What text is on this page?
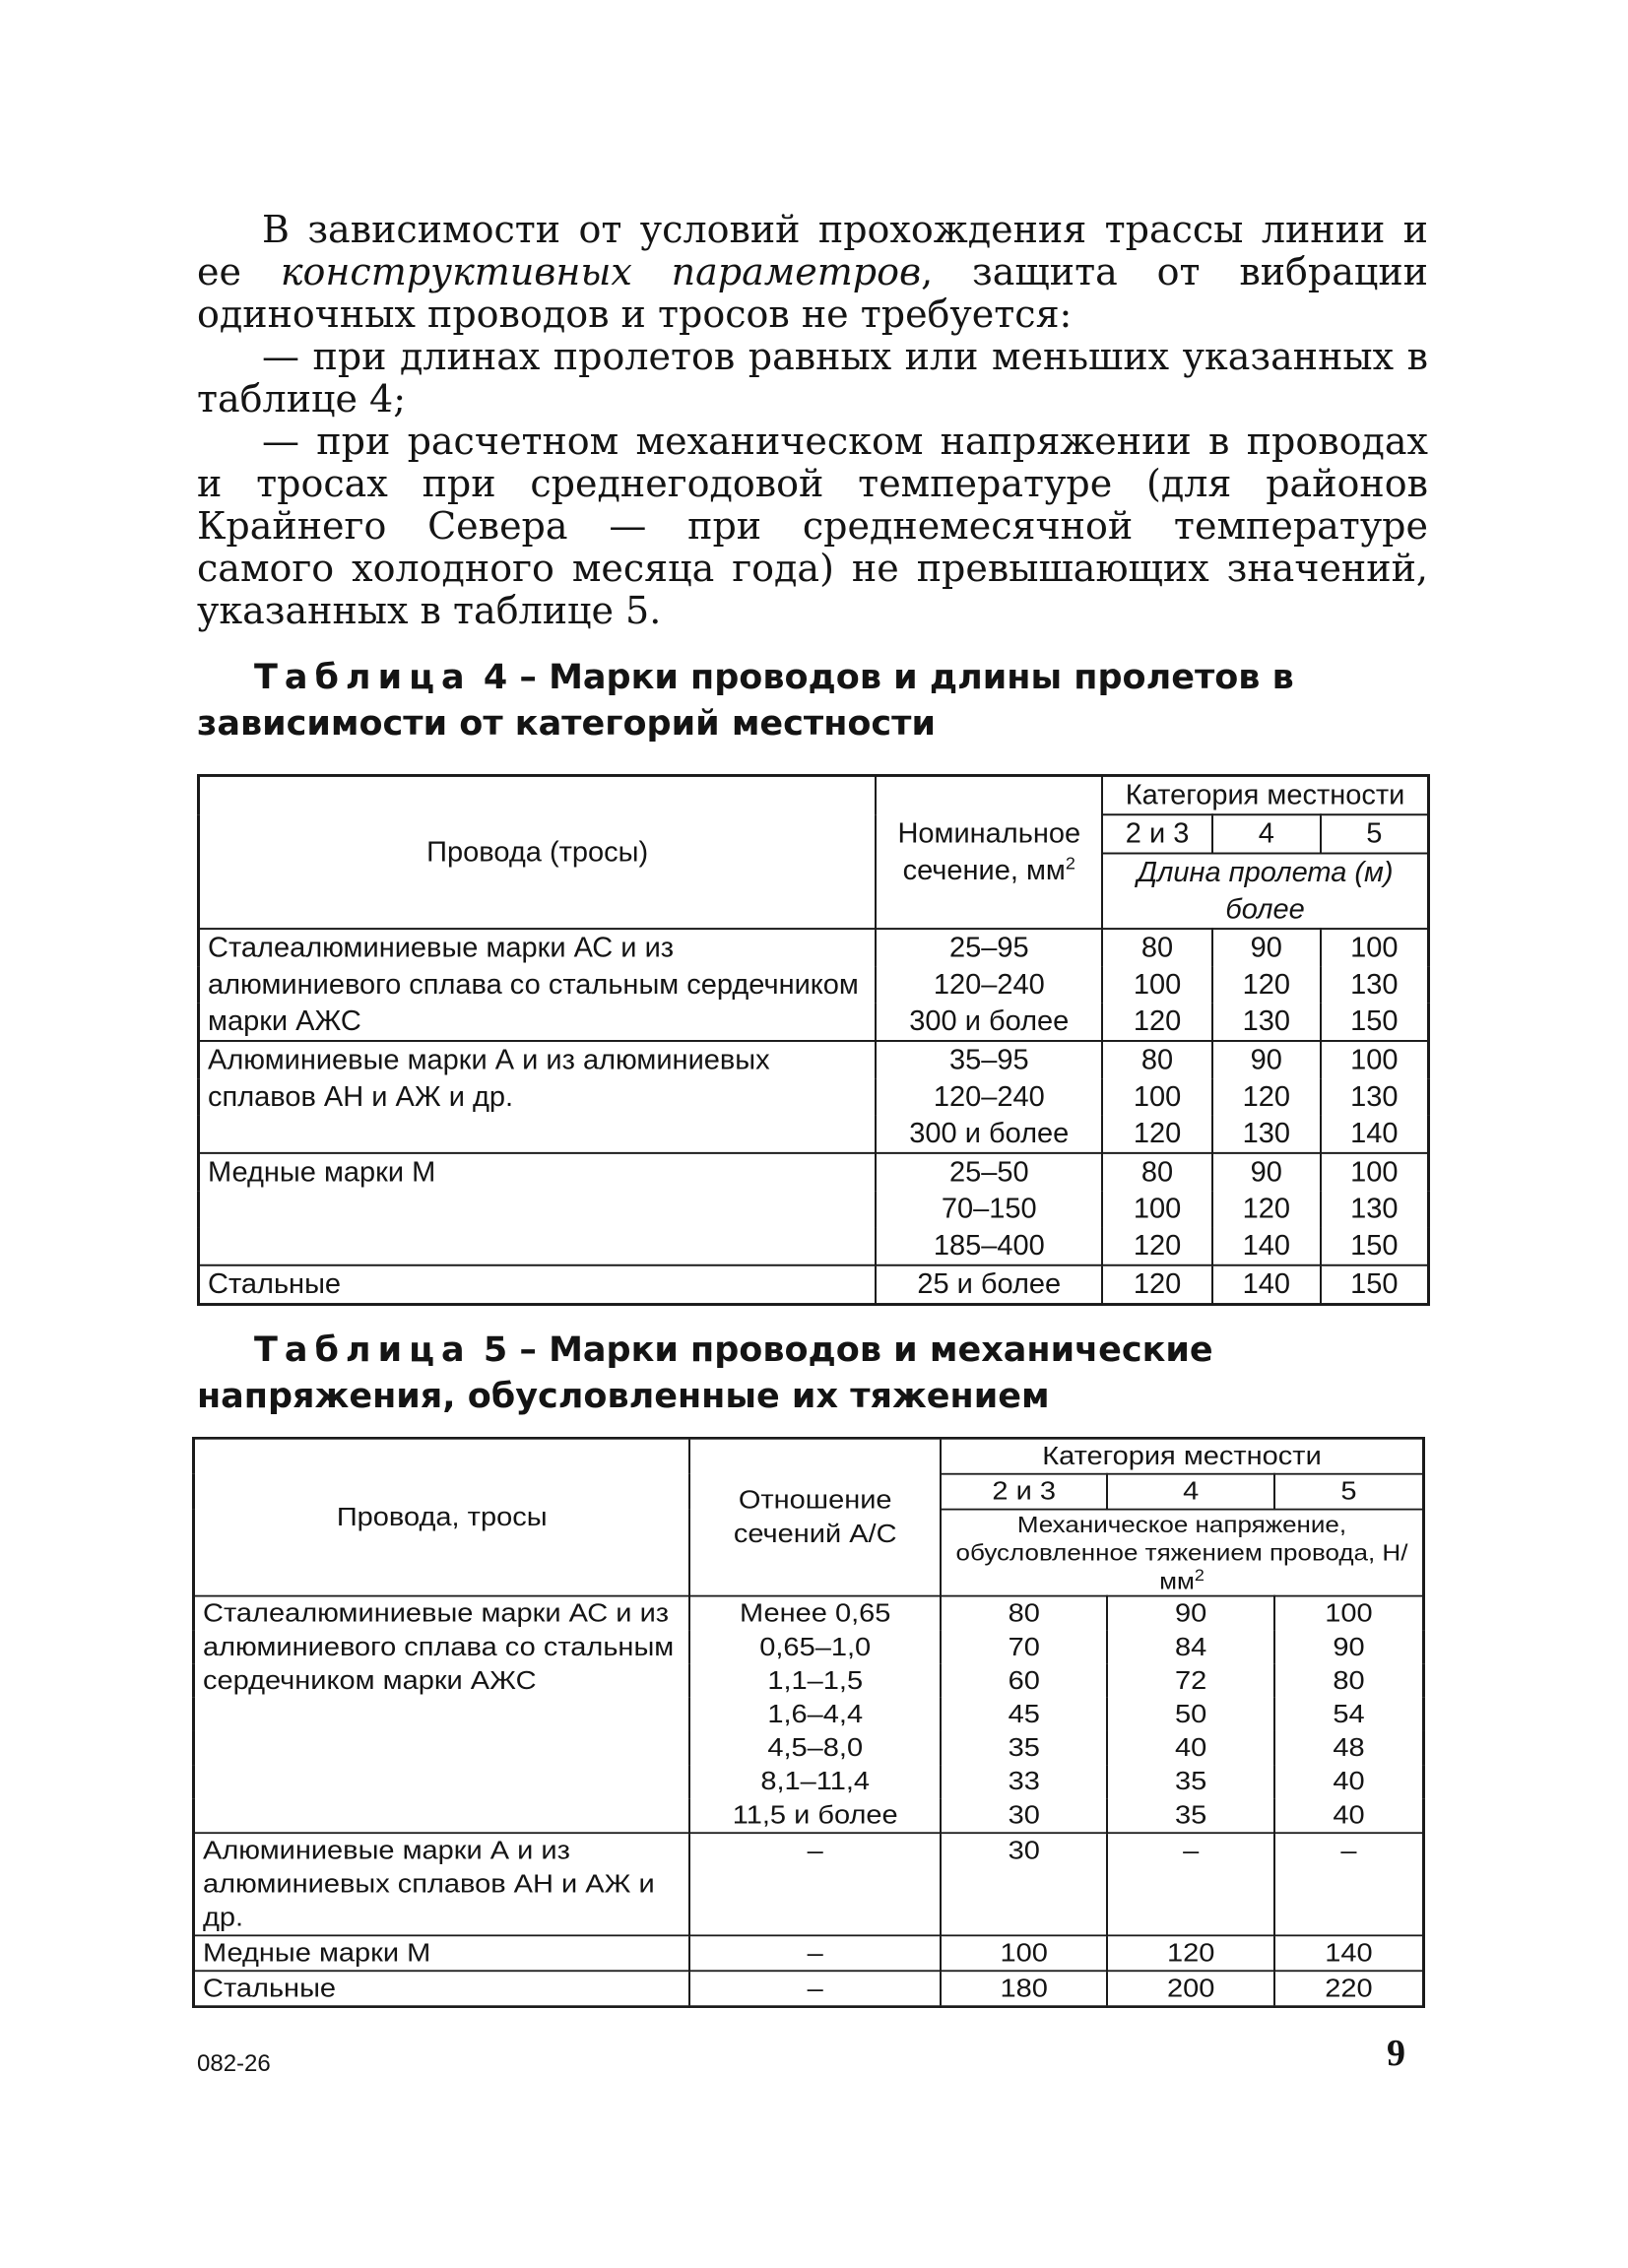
В зависимости от условий прохождения трассы линии и ее конструктивных параметров, защита от вибрации одиночных проводов и тросов не требуется:

— при длинах пролетов равных или меньших указанных в таблице 4;

— при расчетном механическом напряжении в проводах и тросах при среднегодовой температуре (для районов Крайнего Севера — при среднемесячной температуре самого холодного месяца года) не превышающих значений, указанных в таблице 5.

Таблица 4 – Марки проводов и длины пролетов в зависимости от категорий местности

Провода (тросы)	Номинальное сечение, $мм^2$	Категория местности		
		2 и 3	4	5
		Длина пролета (м) более		
Сталеалюминиевые марки АС и из алюминиевого сплава со стальным сердечником марки АЖС	25–95	80	90	100
	120–240	100	120	130
	300 и более	120	130	150
Алюминиевые марки А и из алюминиевых сплавов АН и АЖ и др.	35–95	80	90	100
	120–240	100	120	130
	300 и более	120	130	140
Медные марки М	25–50	80	90	100
	70–150	100	120	130
	185–400	120	140	150
Стальные	25 и более	120	140	150

Таблица 5 – Марки проводов и механические напряжения, обусловленные их тяжением

Провода, тросы	Отношение сечений А/С	Категория местности		
		2 и 3	4	5
		Механическое напряжение, обусловленное тяжением провода, $Н/мм^2$
Сталеалюминиевые марки АС и из алюминиевого сплава со стальным сердечником марки АЖС	Менее 0,65	80	90	100
	0,65–1,0	70	84	90
	1,1–1,5	60	72	80
	1,6–4,4	45	50	54
	4,5–8,0	35	40	48
	8,1–11,4	33	35	40
	11,5 и более	30	35	40
Алюминиевые марки А и из алюминиевых сплавов АН и АЖ и др.	–	30	–	–
Медные марки М	–	100	120	140
Стальные	–	180	200	220
082-26	9
